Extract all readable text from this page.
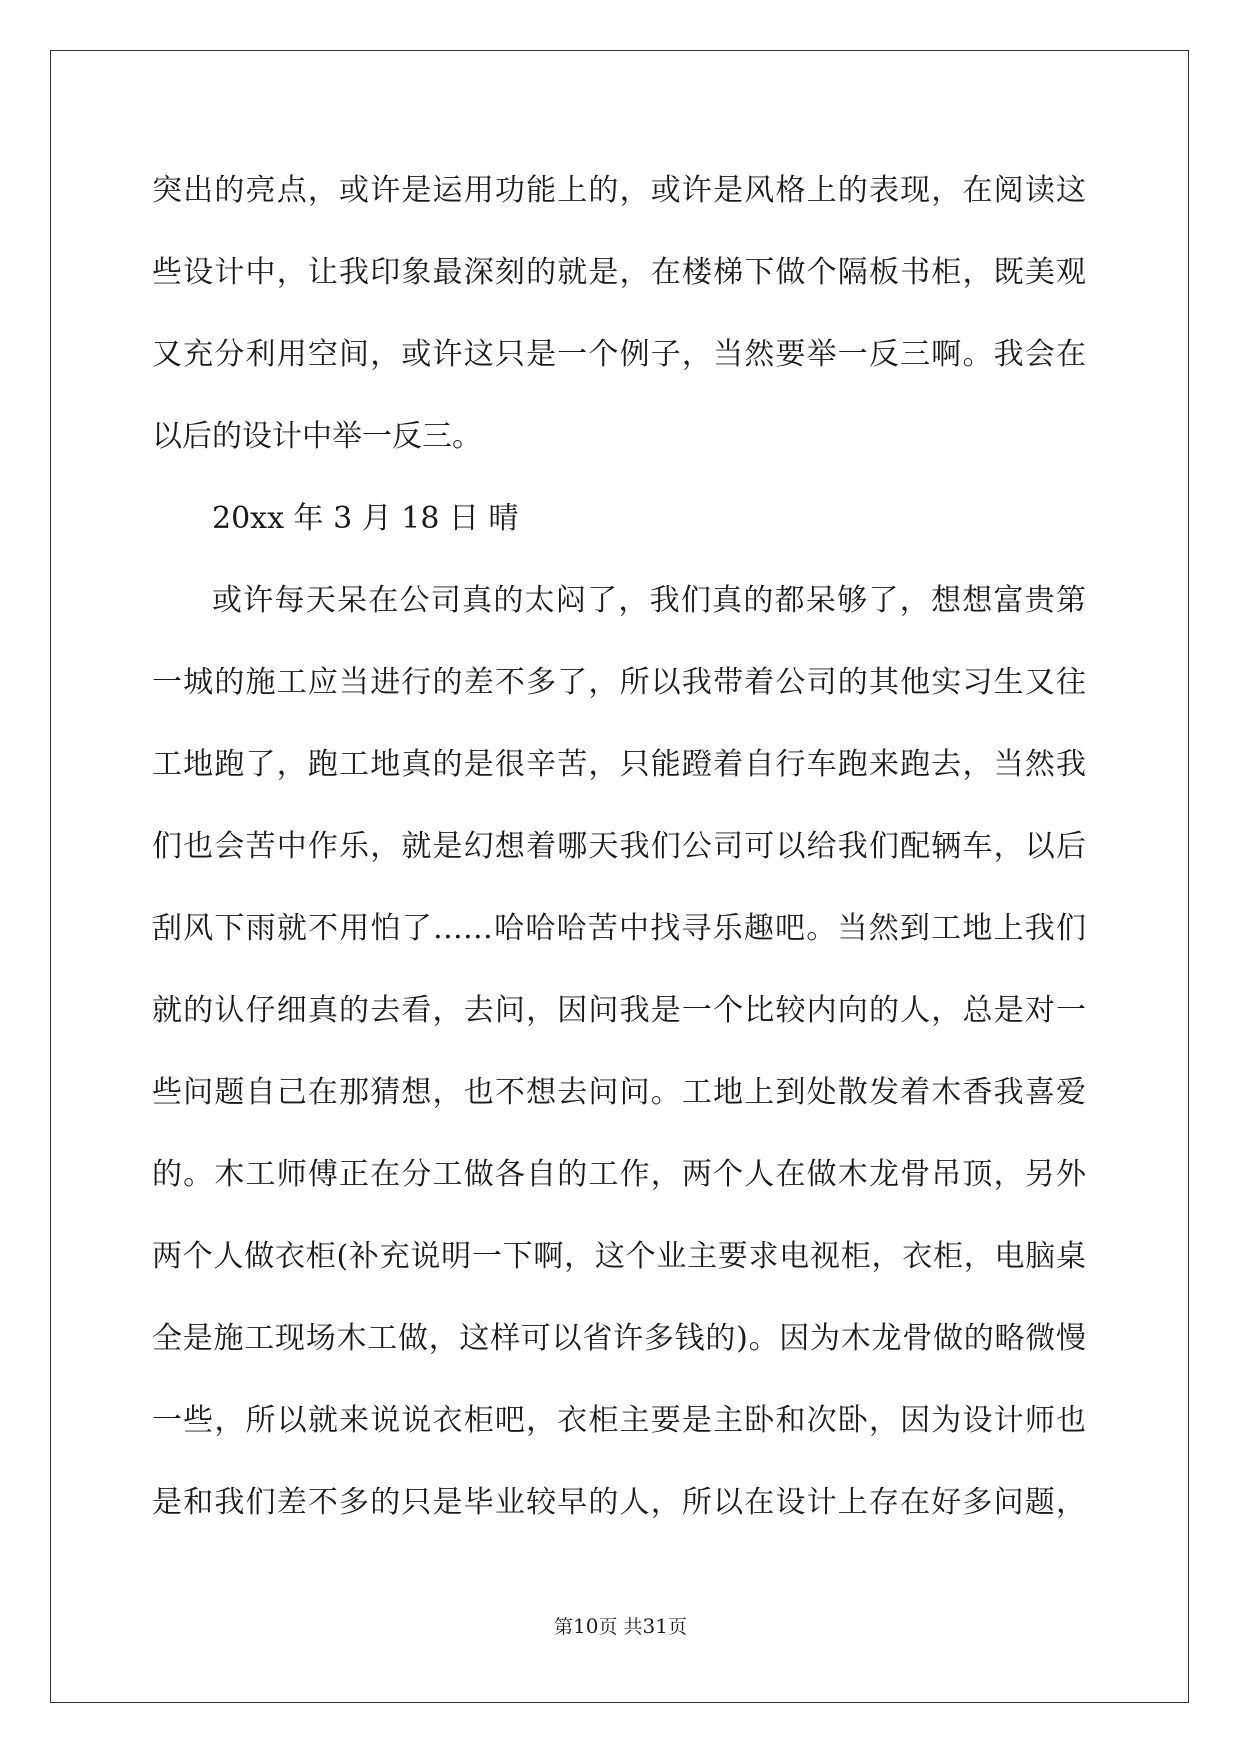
突出的亮点，或许是运用功能上的，或许是风格上的表现，在阅读这
些设计中，让我印象最深刻的就是，在楼梯下做个隔板书柜，既美观
又充分利用空间，或许这只是一个例子，当然要举一反三啊。我会在
以后的设计中举一反三。
20xx 年 3 月 18 日 晴
或许每天呆在公司真的太闷了，我们真的都呆够了，想想富贵第
一城的施工应当进行的差不多了，所以我带着公司的其他实习生又往
工地跑了，跑工地真的是很辛苦，只能蹬着自行车跑来跑去，当然我
们也会苦中作乐，就是幻想着哪天我们公司可以给我们配辆车，以后
刮风下雨就不用怕了……哈哈哈苦中找寻乐趣吧。当然到工地上我们
就的认仔细真的去看，去问，因问我是一个比较内向的人，总是对一
些问题自己在那猜想，也不想去问问。工地上到处散发着木香我喜爱
的。木工师傅正在分工做各自的工作，两个人在做木龙骨吊顶，另外
两个人做衣柜(补充说明一下啊，这个业主要求电视柜，衣柜，电脑桌
全是施工现场木工做，这样可以省许多钱的)。因为木龙骨做的略微慢
一些，所以就来说说衣柜吧，衣柜主要是主卧和次卧，因为设计师也
是和我们差不多的只是毕业较早的人，所以在设计上存在好多问题，
第10页 共31页
